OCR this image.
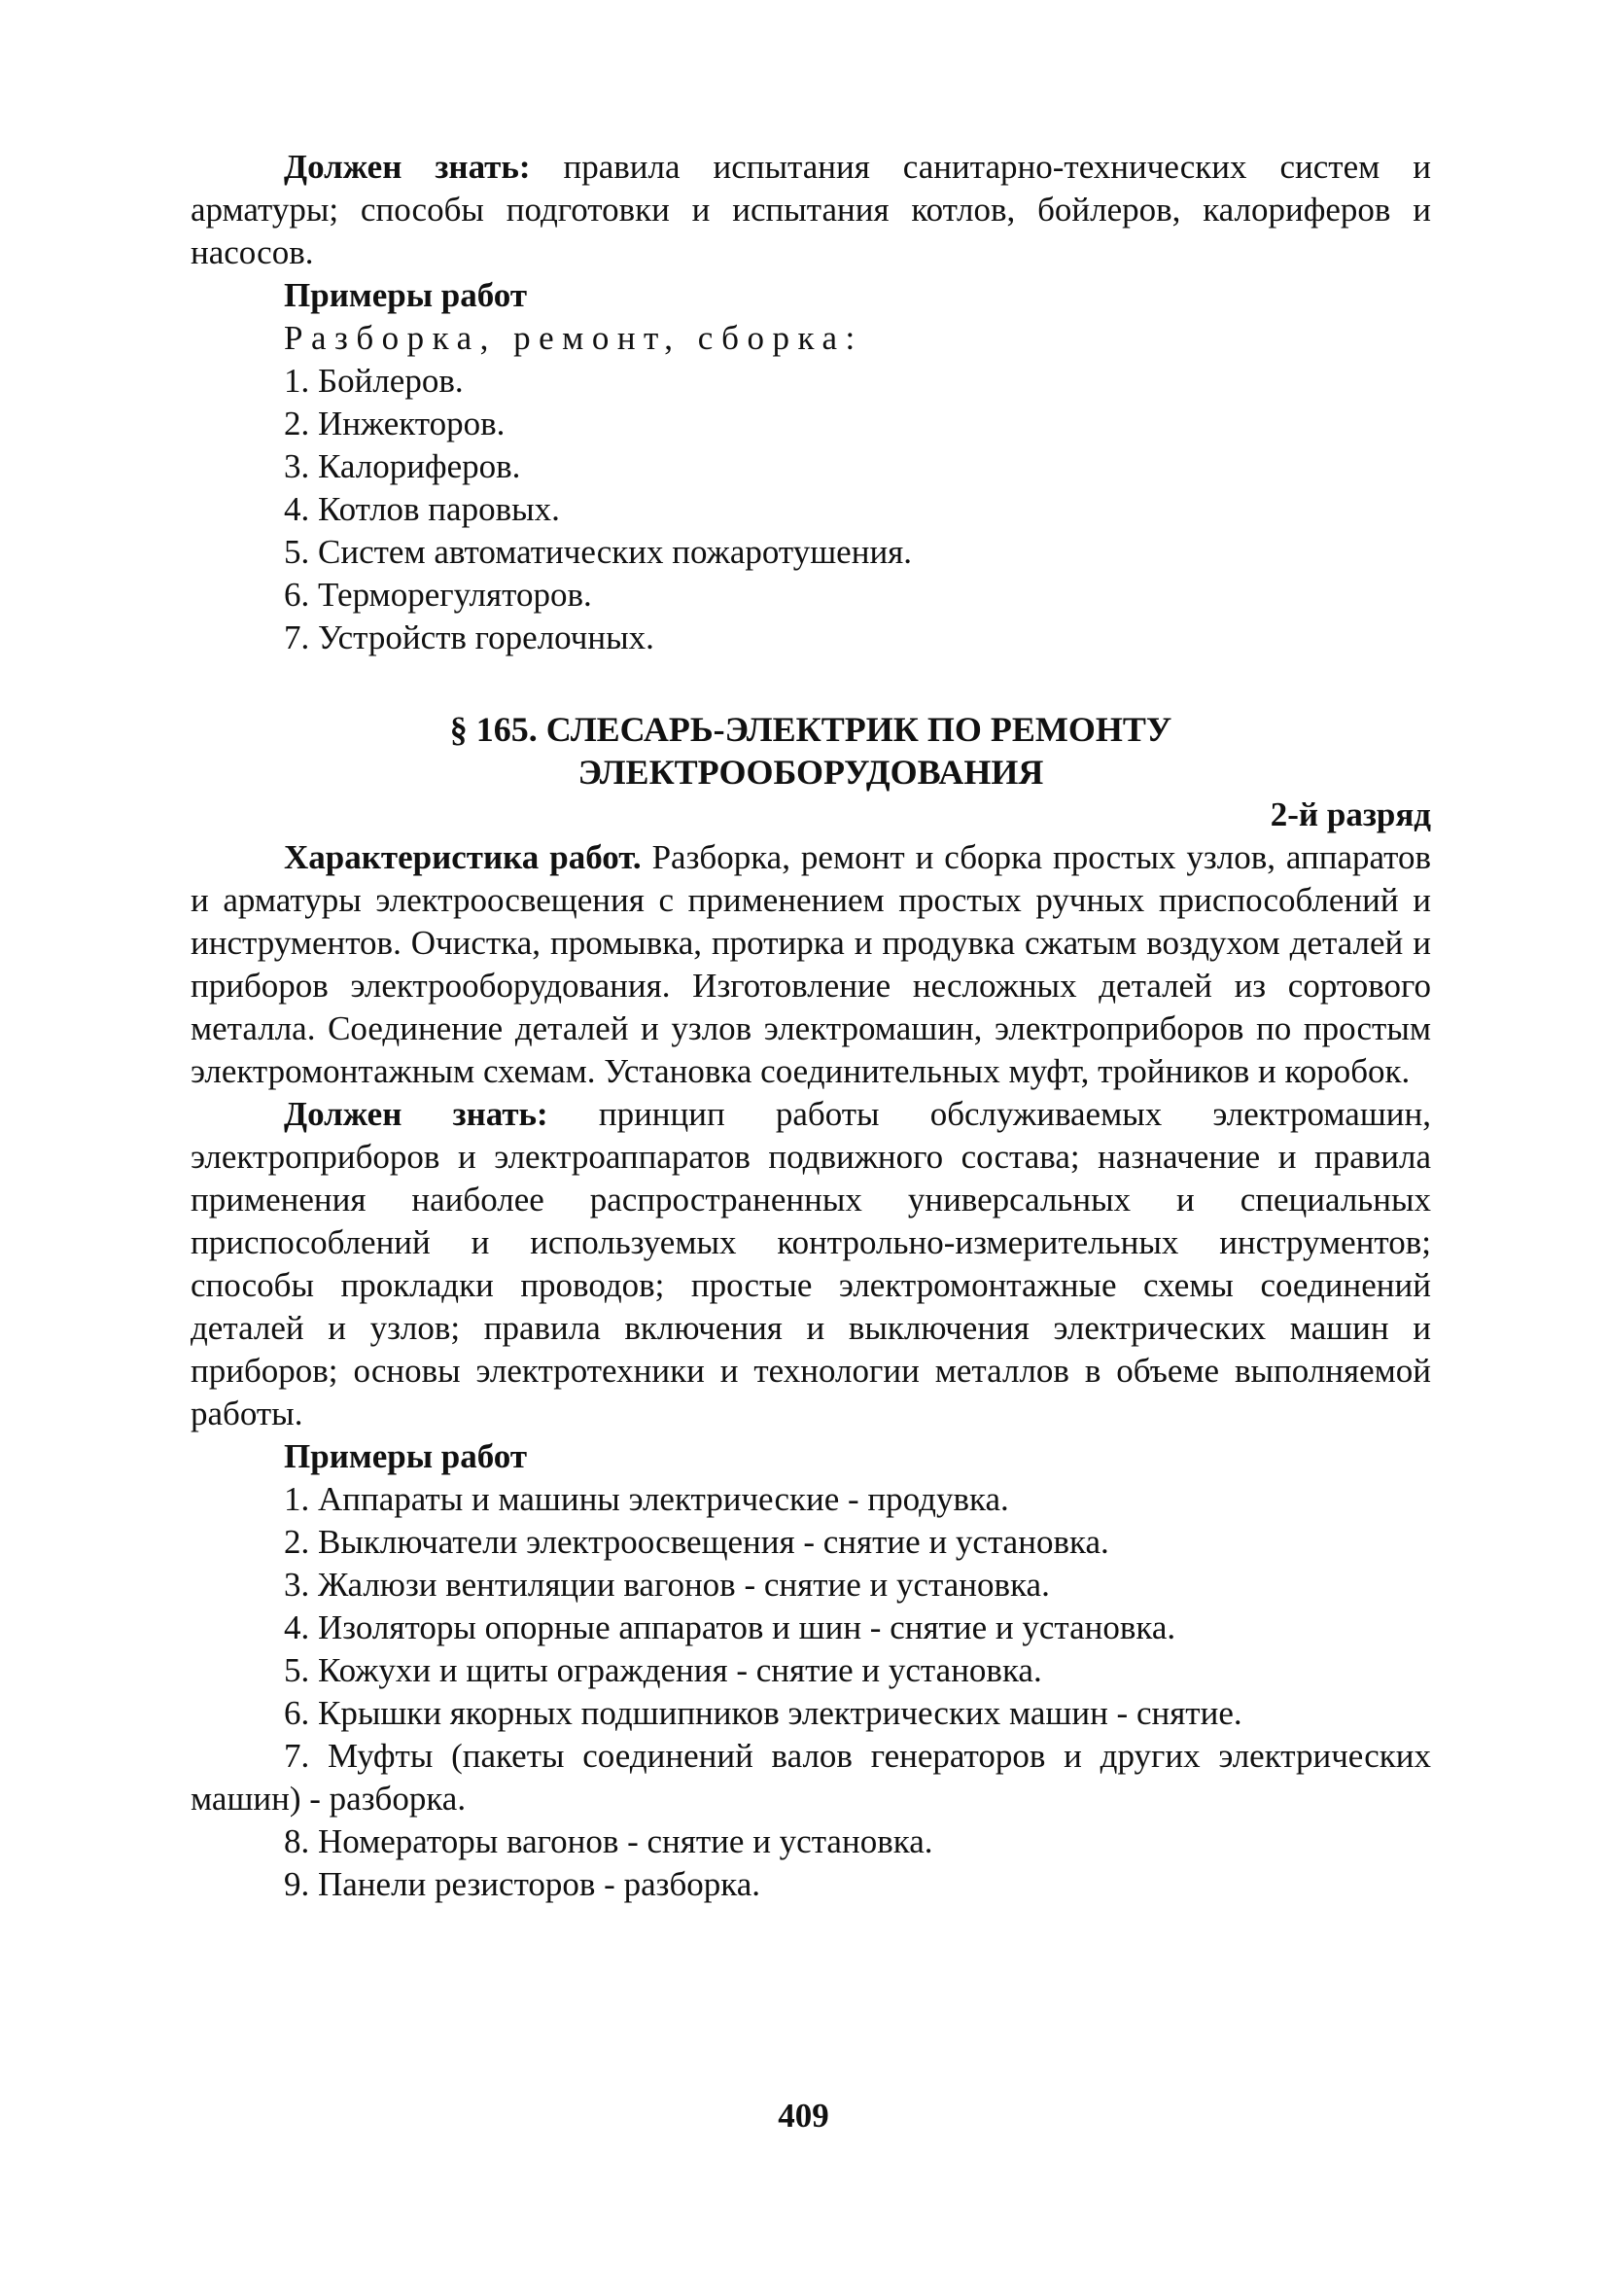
Должен знать: правила испытания санитарно-технических систем и арматуры; способы подготовки и испытания котлов, бойлеров, калориферов и насосов.

Примеры работ

Разборка, ремонт, сборка:

1. Бойлеров.

2. Инжекторов.

3. Калориферов.

4. Котлов паровых.

5. Систем автоматических пожаротушения.

6. Терморегуляторов.

7. Устройств горелочных.

§ 165. СЛЕСАРЬ-ЭЛЕКТРИК ПО РЕМОНТУ
ЭЛЕКТРООБОРУДОВАНИЯ

2-й разряд

Характеристика работ. Разборка, ремонт и сборка простых узлов, аппаратов и арматуры электроосвещения с применением простых ручных приспособлений и инструментов. Очистка, промывка, протирка и продувка сжатым воздухом деталей и приборов электрооборудования. Изготовление несложных деталей из сортового металла. Соединение деталей и узлов электромашин, электроприборов по простым электромонтажным схемам. Установка соединительных муфт, тройников и коробок.

Должен знать: принцип работы обслуживаемых электромашин, электроприборов и электроаппаратов подвижного состава; назначение и правила применения наиболее распространенных универсальных и специальных приспособлений и используемых контрольно-измерительных инструментов; способы прокладки проводов; простые электромонтажные схемы соединений деталей и узлов; правила включения и выключения электрических машин и приборов; основы электротехники и технологии металлов в объеме выполняемой работы.

Примеры работ

1. Аппараты и машины электрические - продувка.

2. Выключатели электроосвещения - снятие и установка.

3. Жалюзи вентиляции вагонов - снятие и установка.

4. Изоляторы опорные аппаратов и шин - снятие и установка.

5. Кожухи и щиты ограждения - снятие и установка.

6. Крышки якорных подшипников электрических машин - снятие.

7. Муфты (пакеты соединений валов генераторов и других электрических машин) - разборка.

8. Номераторы вагонов - снятие и установка.

9. Панели резисторов - разборка.

409
